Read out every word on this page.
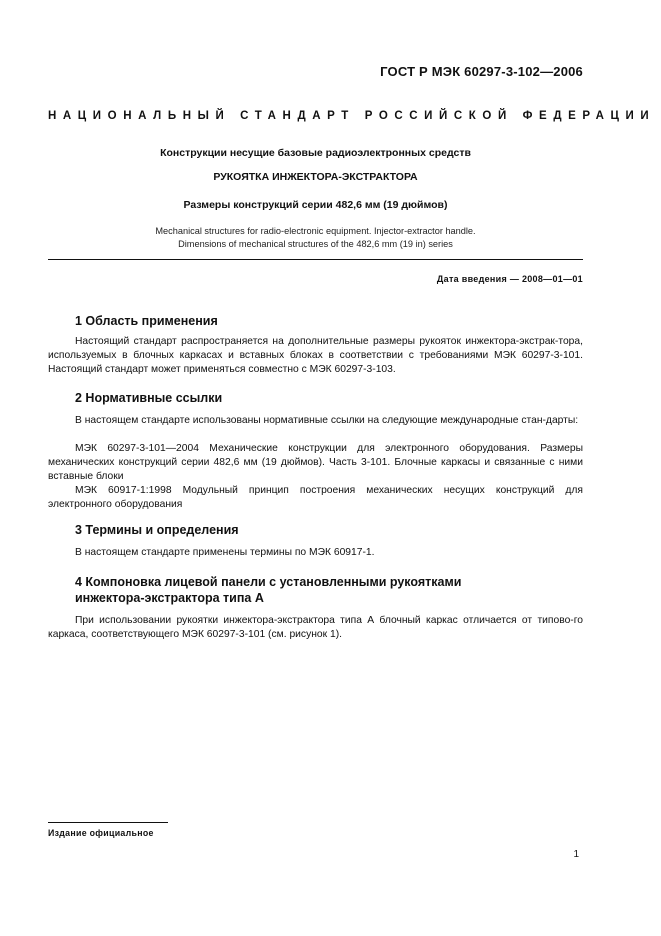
ГОСТ Р МЭК 60297-3-102—2006
НАЦИОНАЛЬНЫЙ СТАНДАРТ РОССИЙСКОЙ ФЕДЕРАЦИИ
Конструкции несущие базовые радиоэлектронных средств
РУКОЯТКА ИНЖЕКТОРА-ЭКСТРАКТОРА
Размеры конструкций серии 482,6 мм (19 дюймов)
Mechanical structures for radio-electronic equipment. Injector-extractor handle.
Dimensions of mechanical structures of the 482,6 mm (19 in) series
Дата введения — 2008—01—01
1 Область применения

Настоящий стандарт распространяется на дополнительные размеры рукояток инжектора-экстрак-тора, используемых в блочных каркасах и вставных блоках в соответствии с требованиями МЭК 60297-3-101. Настоящий стандарт может применяться совместно с МЭК 60297-3-103.

2 Нормативные ссылки

В настоящем стандарте использованы нормативные ссылки на следующие международные стан-дарты:

МЭК 60297-3-101—2004 Механические конструкции для электронного оборудования. Размеры механических конструкций серии 482,6 мм (19 дюймов). Часть 3-101. Блочные каркасы и связанные с ними вставные блоки

МЭК 60917-1:1998 Модульный принцип построения механических несущих конструкций для электронного оборудования

3 Термины и определения

В настоящем стандарте применены термины по МЭК 60917-1.

4 Компоновка лицевой панели с установленными рукоятками
инжектора-экстрактора типа А

При использовании рукоятки инжектора-экстрактора типа А блочный каркас отличается от типово-го каркаса, соответствующего МЭК 60297-3-101 (см. рисунок 1).

Издание официальное
1
